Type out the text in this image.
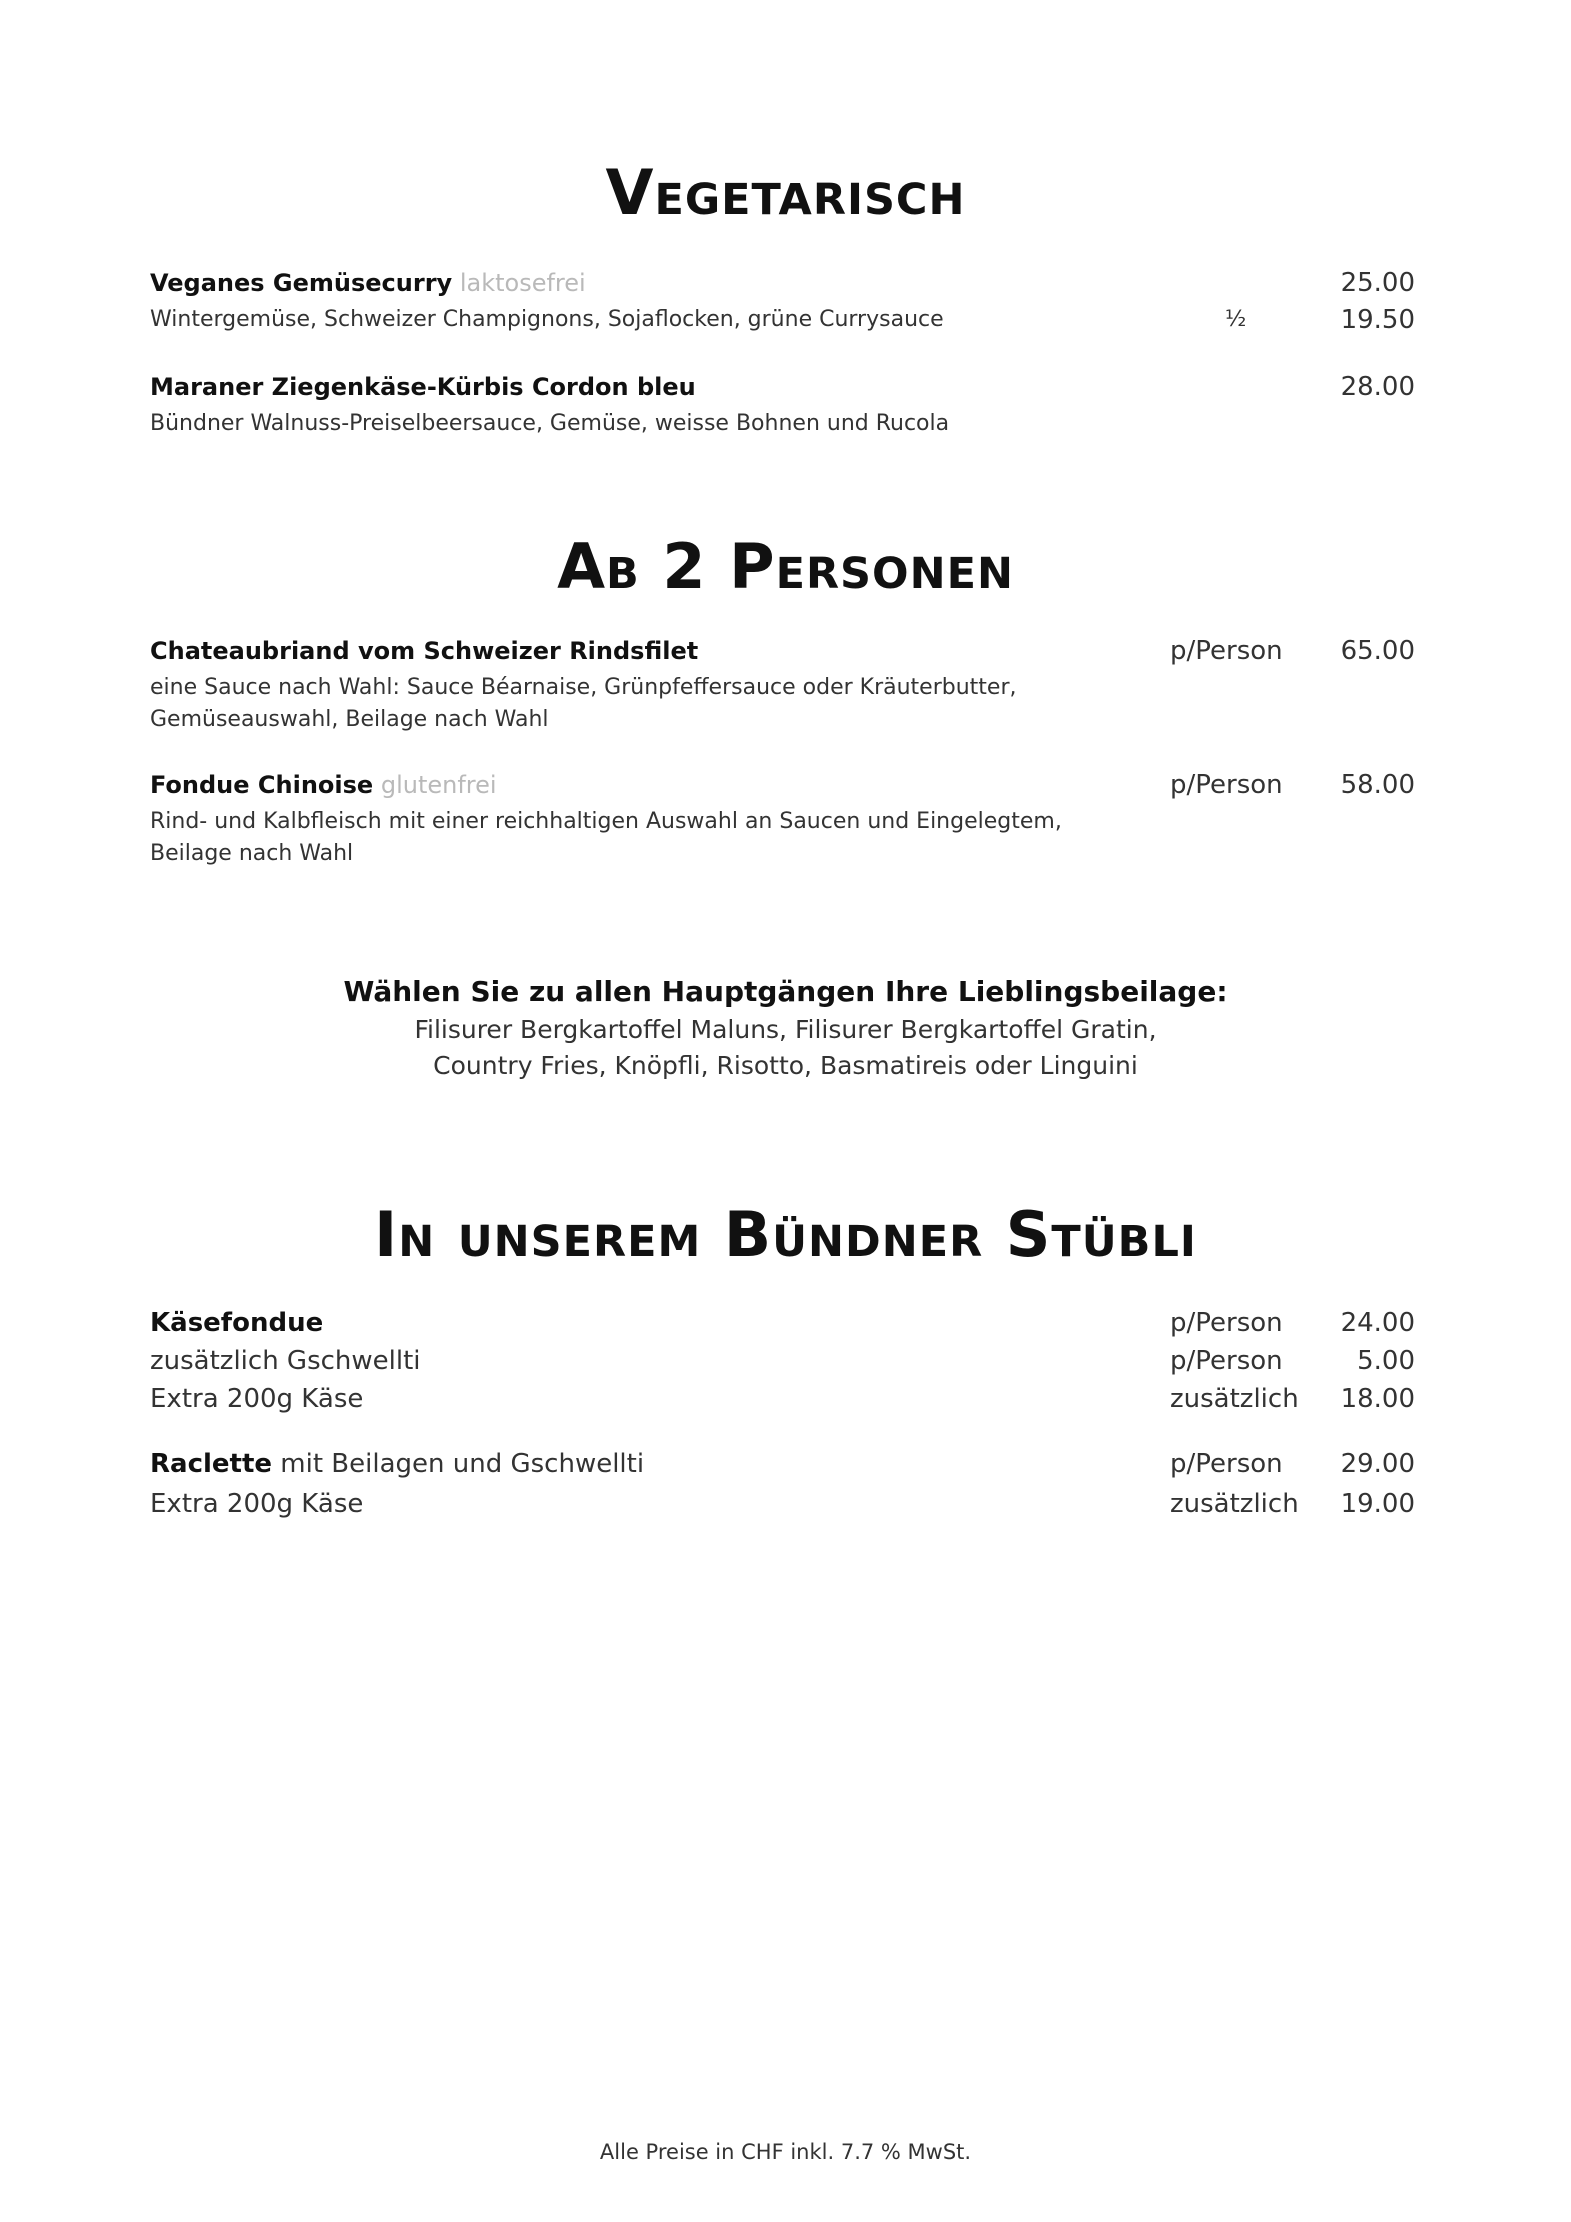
Vegetarisch
Veganes Gemüsecurry laktosefrei	25.00
Wintergemüse, Schweizer Champignons, Sojaflocken, grüne Currysauce	½	19.50
Maraner Ziegenkäse-Kürbis Cordon bleu	28.00
Bündner Walnuss-Preiselbeersauce, Gemüse, weisse Bohnen und Rucola
Ab 2 Personen
Chateaubriand vom Schweizer Rindsfilet	p/Person 65.00
eine Sauce nach Wahl: Sauce Béarnaise, Grünpfeffersauce oder Kräuterbutter,
Gemüseauswahl, Beilage nach Wahl
Fondue Chinoise glutenfrei	p/Person 58.00
Rind- und Kalbfleisch mit einer reichhaltigen Auswahl an Saucen und Eingelegtem,
Beilage nach Wahl
Wählen Sie zu allen Hauptgängen Ihre Lieblingsbeilage:
Filisurer Bergkartoffel Maluns, Filisurer Bergkartoffel Gratin,
Country Fries, Knöpfli, Risotto, Basmatireis oder Linguini
In unserem Bündner Stübli
Käsefondue	p/Person 24.00
zusätzlich Gschwellti	p/Person	5.00
Extra 200g Käse	zusätzlich 18.00
Raclette mit Beilagen und Gschwellti	p/Person 29.00
Extra 200g Käse	zusätzlich 19.00
Alle Preise in CHF inkl. 7.7 % MwSt.
